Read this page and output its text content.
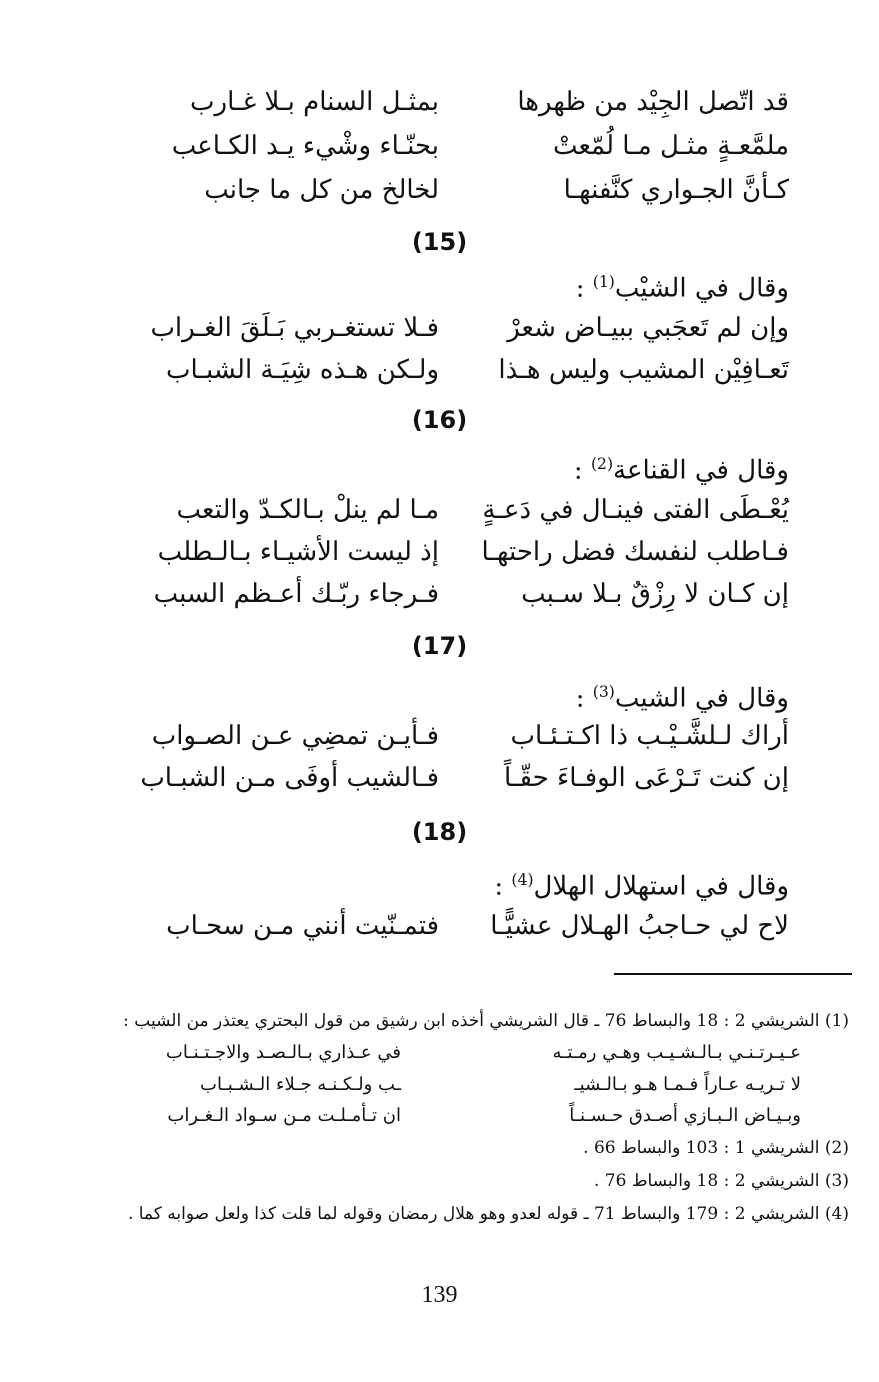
قد اتّصل الجِيْد من ظهرها
بمثـل السنام بـلا غـارب
ملمَّعـةٍ مثـل مـا لُمّعتْ
بحنّـاء وشْيء يـد الكـاعب
كـأنَّ الجـواري كنَّفنهـا
لخالخ من كل ما جانب
(15)
وقال في الشيْب$^{(1)}$ :
وإن لم تَعجَبي ببيـاض شعرْ
فـلا تستغـربي بَـلَقَ الغـراب
تَعـافِيْن المشيب وليس هـذا
ولـكن هـذه شِيَـة الشبـاب
(16)
وقال في القناعة$^{(2)}$ :
يُعْـطَى الفتى فينـال في دَعـةٍ
مـا لم ينلْ بـالكـدّ والتعب
فـاطلب لنفسك فضل راحتهـا
إذ ليست الأشيـاء بـالـطلب
إن كـان لا رِزْقٌ بـلا سـبب
فـرجاء ربّـك أعـظم السبب
(17)
وقال في الشيب$^{(3)}$ :
أراك لـلشَّـيْـب ذا اكـتـئـاب
فـأيـن تمضِي عـن الصـواب
إن كنت تَـرْعَى الوفـاءَ حقّـاً
فـالشيب أوفَى مـن الشبـاب
(18)
وقال في استهلال الهلال$^{(4)}$ :
لاح لي حـاجبُ الهـلال عشيًّـا
فتمـنّيت أنني مـن سحـاب
(1) الشريشي 2 : 18 والبساط 76 ـ قال الشريشي أخذه ابن رشيق من قول البحتري يعتذر من الشيب :
عـيـرتـنـي بـالـشـيـب وهـي رمـتـه
في عـذاري بـالـصـد والاجـتـنـاب
لا تـريـه عـاراً فـمـا هـو بـالـشيـ
ـب ولـكـنـه جـلاء الـشـبـاب
وبـيـاض الـبـازي أصـدق حـسـنـاً
ان تـأمـلـت مـن سـواد الـغـراب
(2) الشريشي 1 : 103 والبساط 66 .
(3) الشريشي 2 : 18 والبساط 76 .
(4) الشريشي 2 : 179 والبساط 71 ـ قوله لعدو وهو هلال رمضان وقوله لما قلت كذا ولعل صوابه كما .
139
